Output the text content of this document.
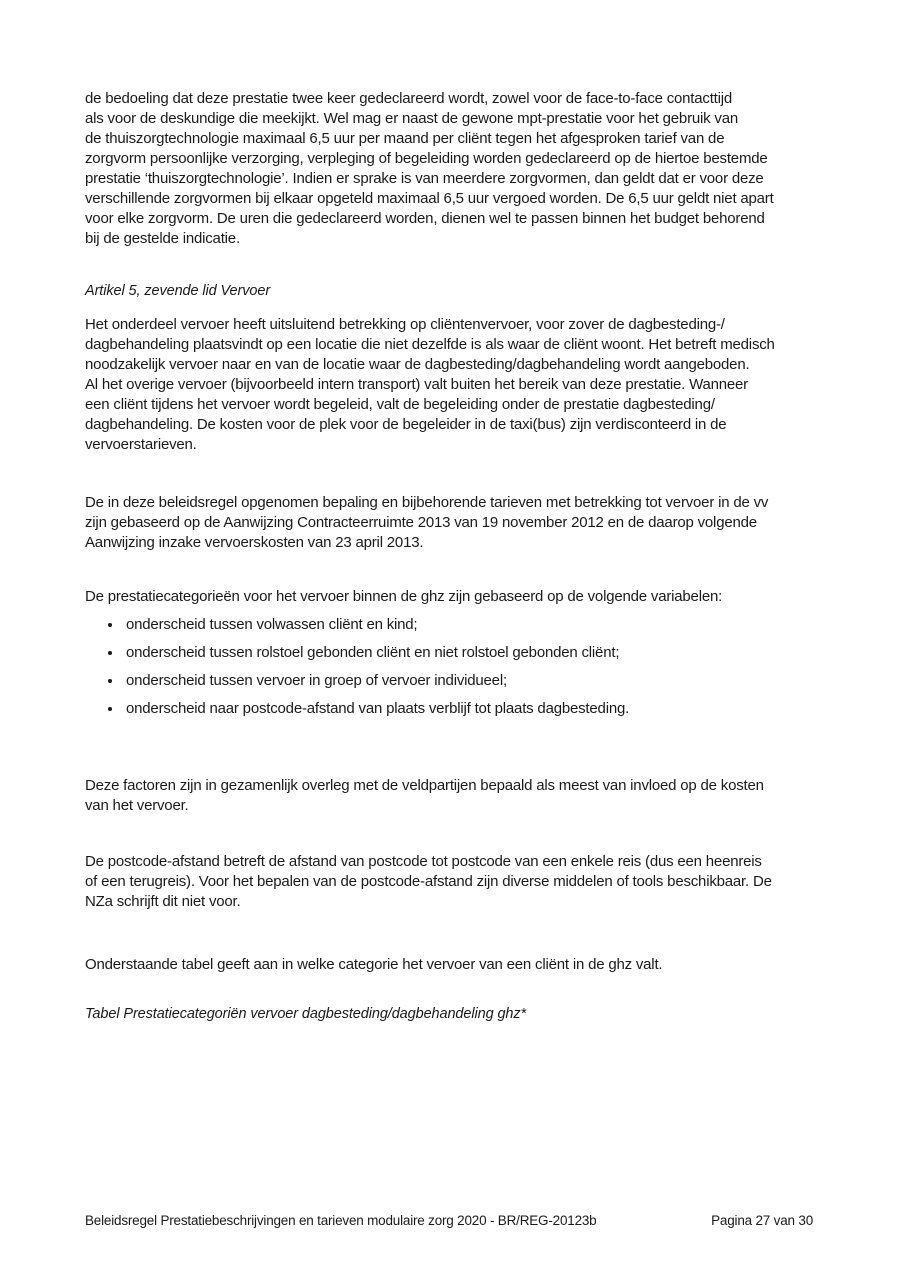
de bedoeling dat deze prestatie twee keer gedeclareerd wordt, zowel voor de face-to-face contacttijd
als voor de deskundige die meekijkt. Wel mag er naast de gewone mpt-prestatie voor het gebruik van
de thuiszorgtechnologie maximaal 6,5 uur per maand per cliënt tegen het afgesproken tarief van de
zorgvorm persoonlijke verzorging, verpleging of begeleiding worden gedeclareerd op de hiertoe bestemde
prestatie ‘thuiszorgtechnologie’. Indien er sprake is van meerdere zorgvormen, dan geldt dat er voor deze
verschillende zorgvormen bij elkaar opgeteld maximaal 6,5 uur vergoed worden. De 6,5 uur geldt niet apart
voor elke zorgvorm. De uren die gedeclareerd worden, dienen wel te passen binnen het budget behorend
bij de gestelde indicatie.
Artikel 5, zevende lid Vervoer
Het onderdeel vervoer heeft uitsluitend betrekking op cliëntenvervoer, voor zover de dagbesteding-/
dagbehandeling plaatsvindt op een locatie die niet dezelfde is als waar de cliënt woont. Het betreft medisch
noodzakelijk vervoer naar en van de locatie waar de dagbesteding/dagbehandeling wordt aangeboden.
Al het overige vervoer (bijvoorbeeld intern transport) valt buiten het bereik van deze prestatie. Wanneer
een cliënt tijdens het vervoer wordt begeleid, valt de begeleiding onder de prestatie dagbesteding/
dagbehandeling. De kosten voor de plek voor de begeleider in de taxi(bus) zijn verdisconteerd in de
vervoerstarieven.
De in deze beleidsregel opgenomen bepaling en bijbehorende tarieven met betrekking tot vervoer in de vv
zijn gebaseerd op de Aanwijzing Contracteerruimte 2013 van 19 november 2012 en de daarop volgende
Aanwijzing inzake vervoerskosten van 23 april 2013.
De prestatiecategorieën voor het vervoer binnen de ghz zijn gebaseerd op de volgende variabelen:
onderscheid tussen volwassen cliënt en kind;
onderscheid tussen rolstoel gebonden cliënt en niet rolstoel gebonden cliënt;
onderscheid tussen vervoer in groep of vervoer individueel;
onderscheid naar postcode-afstand van plaats verblijf tot plaats dagbesteding.
Deze factoren zijn in gezamenlijk overleg met de veldpartijen bepaald als meest van invloed op de kosten
van het vervoer.
De postcode-afstand betreft de afstand van postcode tot postcode van een enkele reis (dus een heenreis
of een terugreis). Voor het bepalen van de postcode-afstand zijn diverse middelen of tools beschikbaar. De
NZa schrijft dit niet voor.
Onderstaande tabel geeft aan in welke categorie het vervoer van een cliënt in de ghz valt.
Tabel Prestatiecategoriën vervoer dagbesteding/dagbehandeling ghz*
Beleidsregel Prestatiebeschrijvingen en tarieven modulaire zorg 2020 - BR/REG-20123b	Pagina 27 van 30
